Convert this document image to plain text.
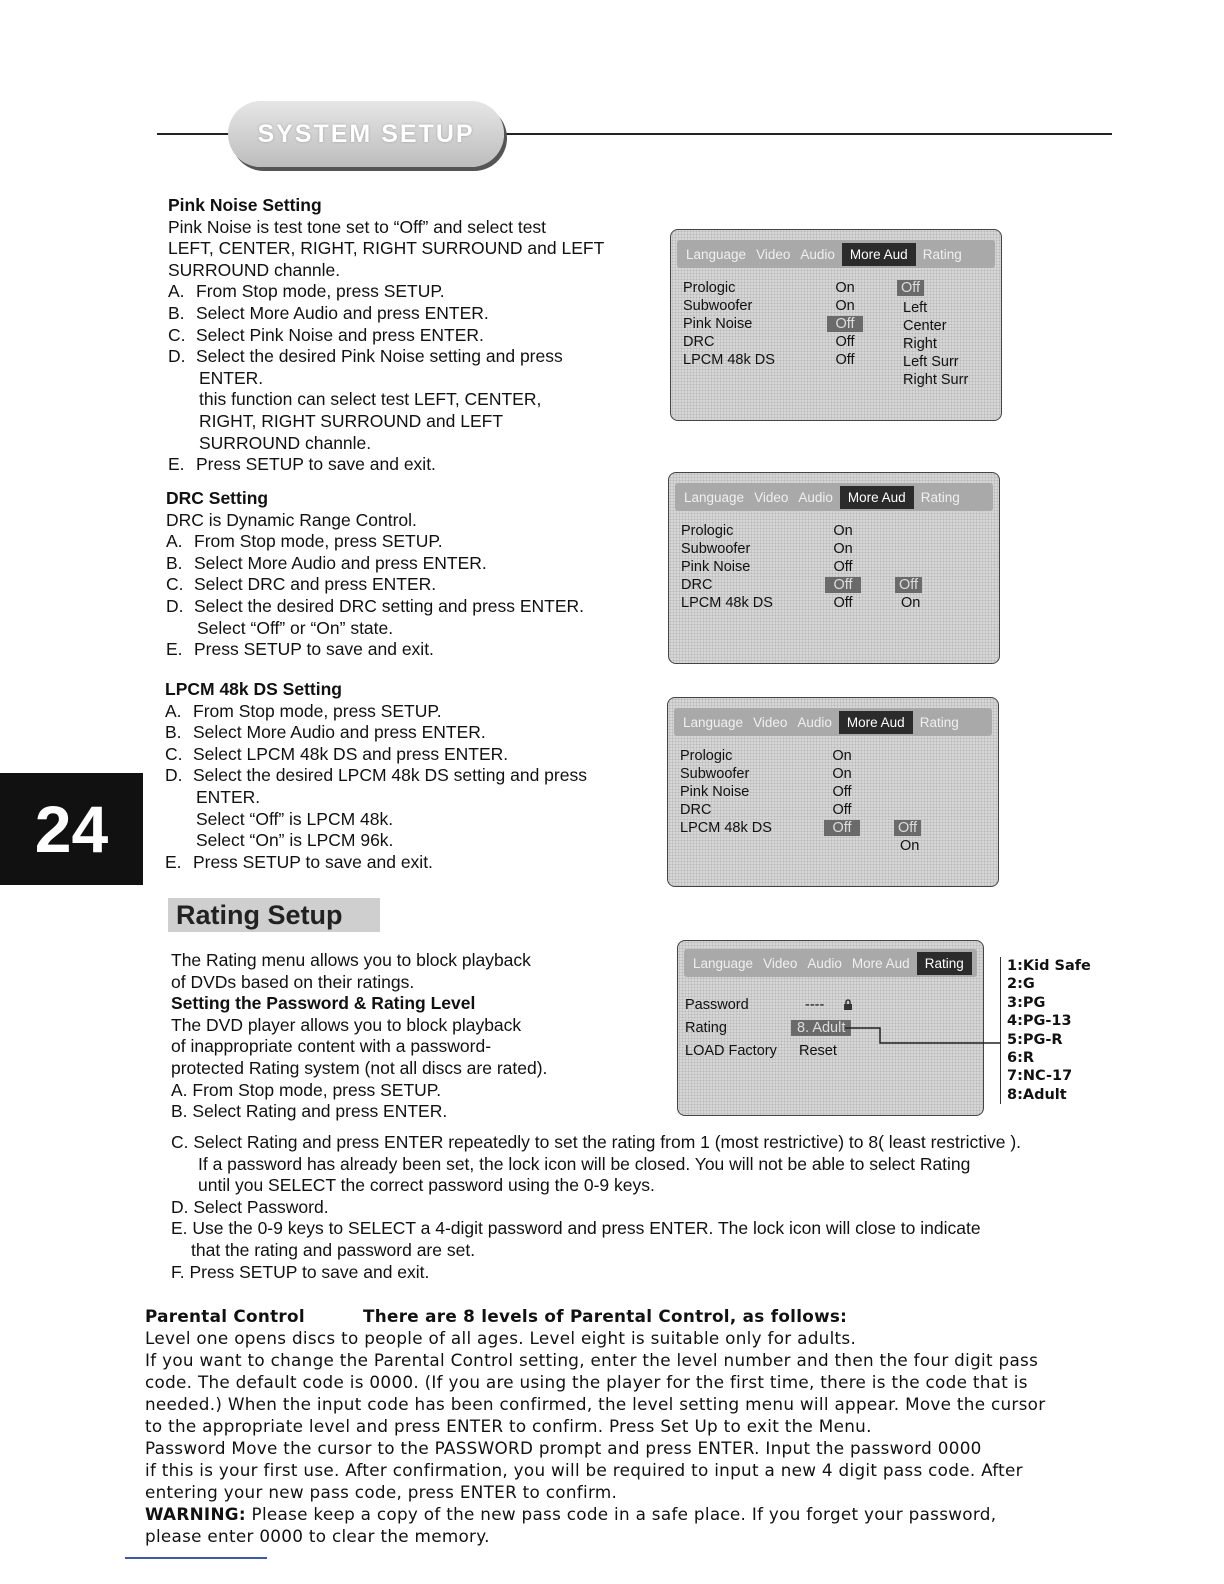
SYSTEM SETUP
Pink Noise Setting

Pink Noise is test tone set to “Off” and select test

LEFT, CENTER, RIGHT, RIGHT SURROUND and LEFT

SURROUND channle.

A. From Stop mode, press SETUP.
B. Select More Audio and press ENTER.
C. Select Pink Noise and press ENTER.
D. Select the desired Pink Noise setting and press

ENTER.

this function can select test LEFT, CENTER,

RIGHT, RIGHT SURROUND and LEFT

SURROUND channle.

E. Press SETUP to save and exit.
DRC Setting

DRC is Dynamic Range Control.

A. From Stop mode, press SETUP.
B. Select More Audio and press ENTER.
C. Select DRC and press ENTER.
D. Select the desired DRC setting and press ENTER.

Select “Off” or “On” state.

E. Press SETUP to save and exit.
LPCM 48k DS Setting
A. From Stop mode, press SETUP.
B. Select More Audio and press ENTER.
C. Select LPCM 48k DS and press ENTER.
D. Select the desired LPCM 48k DS setting and press

ENTER.

Select “Off” is LPCM 48k.

Select “On” is LPCM 96k.

E. Press SETUP to save and exit.
Language Video Audio	More Aud	Rating
Prologic	On
Subwoofer	On
Pink Noise	Off
DRC	Off
LPCM 48k DS	Off
Off
Left
Center
Right
Left Surr
Right Surr
Language Video Audio	More Aud	Rating
Prologic	On
Subwoofer	On
Pink Noise	Off
DRC	Off
LPCM 48k DS	Off
Off
On
Language Video Audio	More Aud	Rating
Prologic	On
Subwoofer	On
Pink Noise	Off
DRC	Off
LPCM 48k DS	Off	Off
On
24
Rating Setup

The Rating menu allows you to block playback

of DVDs based on their ratings.

Setting the Password & Rating Level

The DVD player allows you to block playback

of inappropriate content with a password-

protected Rating system (not all discs are rated).

A. From Stop mode, press SETUP.

B. Select Rating and press ENTER.

C. Select Rating and press ENTER repeatedly to set the rating from 1 (most restrictive) to 8( least restrictive ).

If a password has already been set, the lock icon will be closed. You will not be able to select Rating

until you SELECT the correct password using the 0-9 keys.

D. Select Password.

E. Use the 0-9 keys to SELECT a 4-digit password and press ENTER. The lock icon will close to indicate

that the rating and password are set.

F. Press SETUP to save and exit.

Language Video Audio More Aud	Rating
Password	----
Rating	8. Adult
LOAD Factory Reset
1:Kid Safe
2:G
3:PG
4:PG-13
5:PG-R
6:R
7:NC-17
8:Adult
Parental Control	There are 8 levels of Parental Control, as follows:
Level one opens discs to people of all ages. Level eight is suitable only for adults.
If you want to change the Parental Control setting, enter the level number and then the four digit pass
code. The default code is 0000. (If you are using the player for the first time, there is the code that is
needed.) When the input code has been confirmed, the level setting menu will appear. Move the cursor
to the appropriate level and press ENTER to confirm. Press Set Up to exit the Menu.
Password Move the cursor to the PASSWORD prompt and press ENTER. Input the password 0000
if this is your first use. After confirmation, you will be required to input a new 4 digit pass code. After
entering your new pass code, press ENTER to confirm.
WARNING: Please keep a copy of the new pass code in a safe place. If you forget your password,
please enter 0000 to clear the memory.
